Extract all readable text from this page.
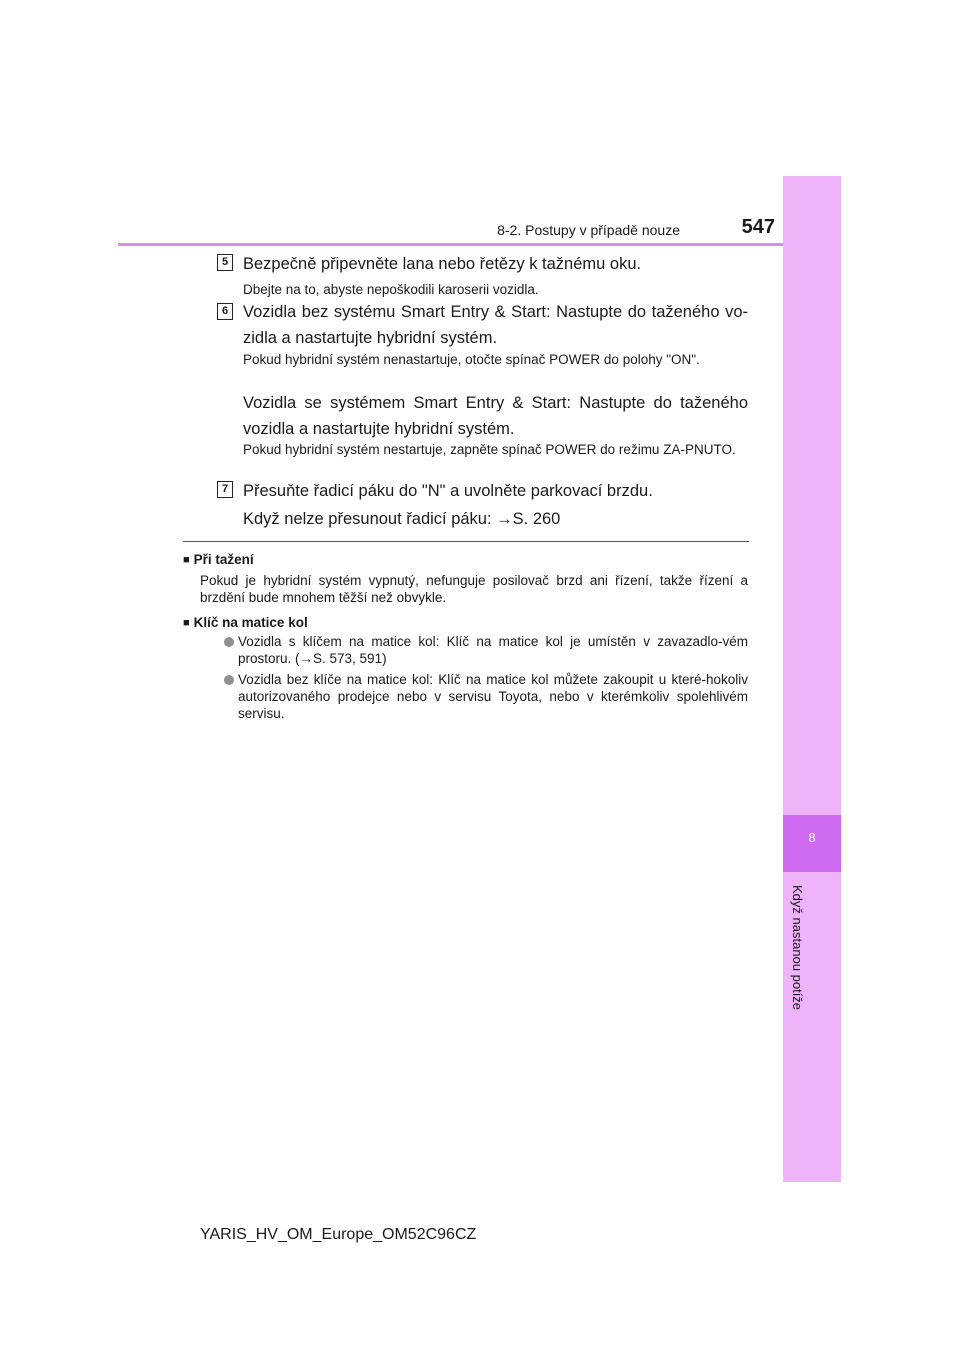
8-2. Postupy v případě nouze	547
8
Když nastanou potíže
5 Bezpečně připevněte lana nebo řetězy k tažnému oku.
Dbejte na to, abyste nepoškodili karoserii vozidla.
6 Vozidla bez systému Smart Entry & Start: Nastupte do taženého vo-zidla a nastartujte hybridní systém.
Pokud hybridní systém nenastartuje, otočte spínač POWER do polohy "ON".
Vozidla se systémem Smart Entry & Start: Nastupte do taženého vozidla a nastartujte hybridní systém.
Pokud hybridní systém nestartuje, zapněte spínač POWER do režimu ZA-PNUTO.
7 Přesuňte řadicí páku do "N" a uvolněte parkovací brzdu.
Když nelze přesunout řadicí páku: →S. 260
■ Při tažení
Pokud je hybridní systém vypnutý, nefunguje posilovač brzd ani řízení, takže řízení a brzdění bude mnohem těžší než obvykle.
■ Klíč na matice kol
Vozidla s klíčem na matice kol: Klíč na matice kol je umístěn v zavazadlo-vém prostoru. (→S. 573, 591)
Vozidla bez klíče na matice kol: Klíč na matice kol můžete zakoupit u které-hokoliv autorizovaného prodejce nebo v servisu Toyota, nebo v kterémkoliv spolehlivém servisu.
YARIS_HV_OM_Europe_OM52C96CZ
